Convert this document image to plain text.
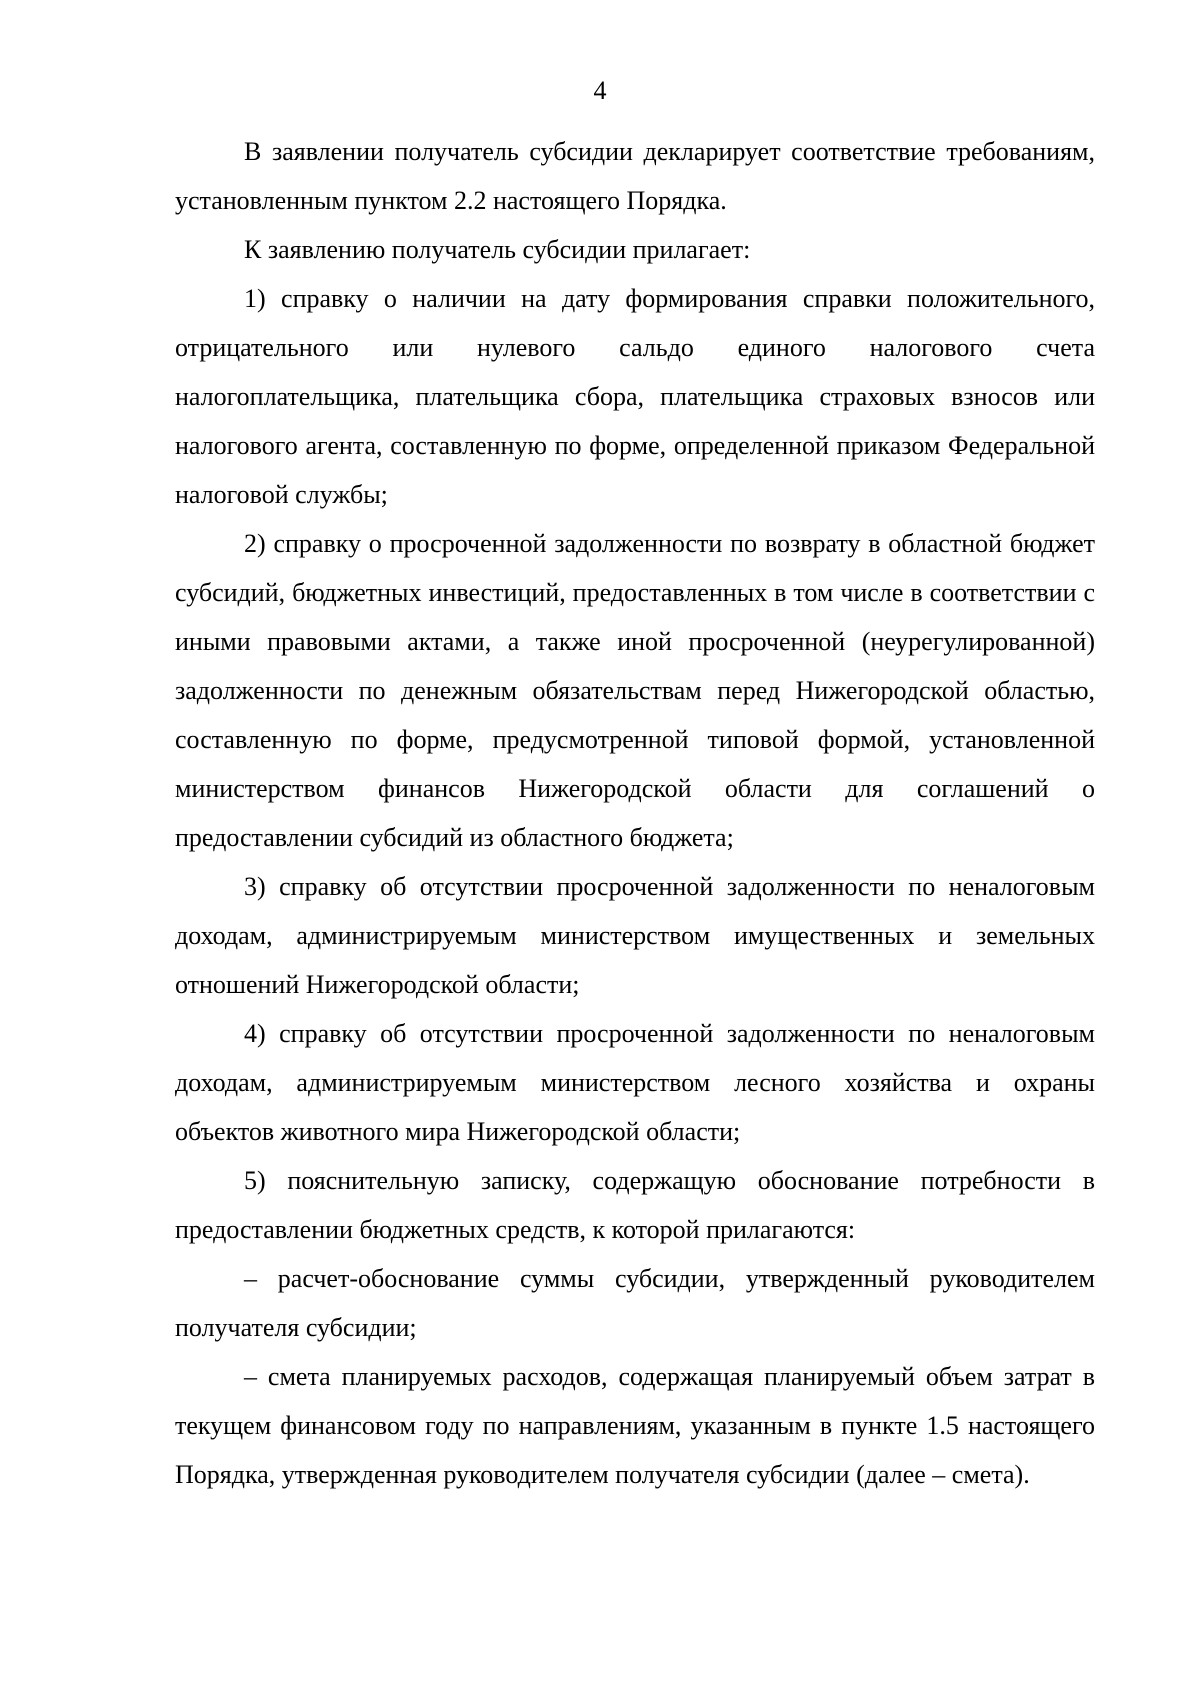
4

В заявлении получатель субсидии декларирует соответствие требованиям, установленным пунктом 2.2 настоящего Порядка.

К заявлению получатель субсидии прилагает:

1) справку о наличии на дату формирования справки положительного, отрицательного или нулевого сальдо единого налогового счета налогоплательщика, плательщика сбора, плательщика страховых взносов или налогового агента, составленную по форме, определенной приказом Федеральной налоговой службы;

2) справку о просроченной задолженности по возврату в областной бюджет субсидий, бюджетных инвестиций, предоставленных в том числе в соответствии с иными правовыми актами, а также иной просроченной (неурегулированной) задолженности по денежным обязательствам перед Нижегородской областью, составленную по форме, предусмотренной типовой формой, установленной министерством финансов Нижегородской области для соглашений о предоставлении субсидий из областного бюджета;

3) справку об отсутствии просроченной задолженности по неналоговым доходам, администрируемым министерством имущественных и земельных отношений Нижегородской области;

4) справку об отсутствии просроченной задолженности по неналоговым доходам, администрируемым министерством лесного хозяйства и охраны объектов животного мира Нижегородской области;

5) пояснительную записку, содержащую обоснование потребности в предоставлении бюджетных средств, к которой прилагаются:

– расчет-обоснование суммы субсидии, утвержденный руководителем получателя субсидии;

– смета планируемых расходов, содержащая планируемый объем затрат в текущем финансовом году по направлениям, указанным в пункте 1.5 настоящего Порядка, утвержденная руководителем получателя субсидии (далее – смета).
